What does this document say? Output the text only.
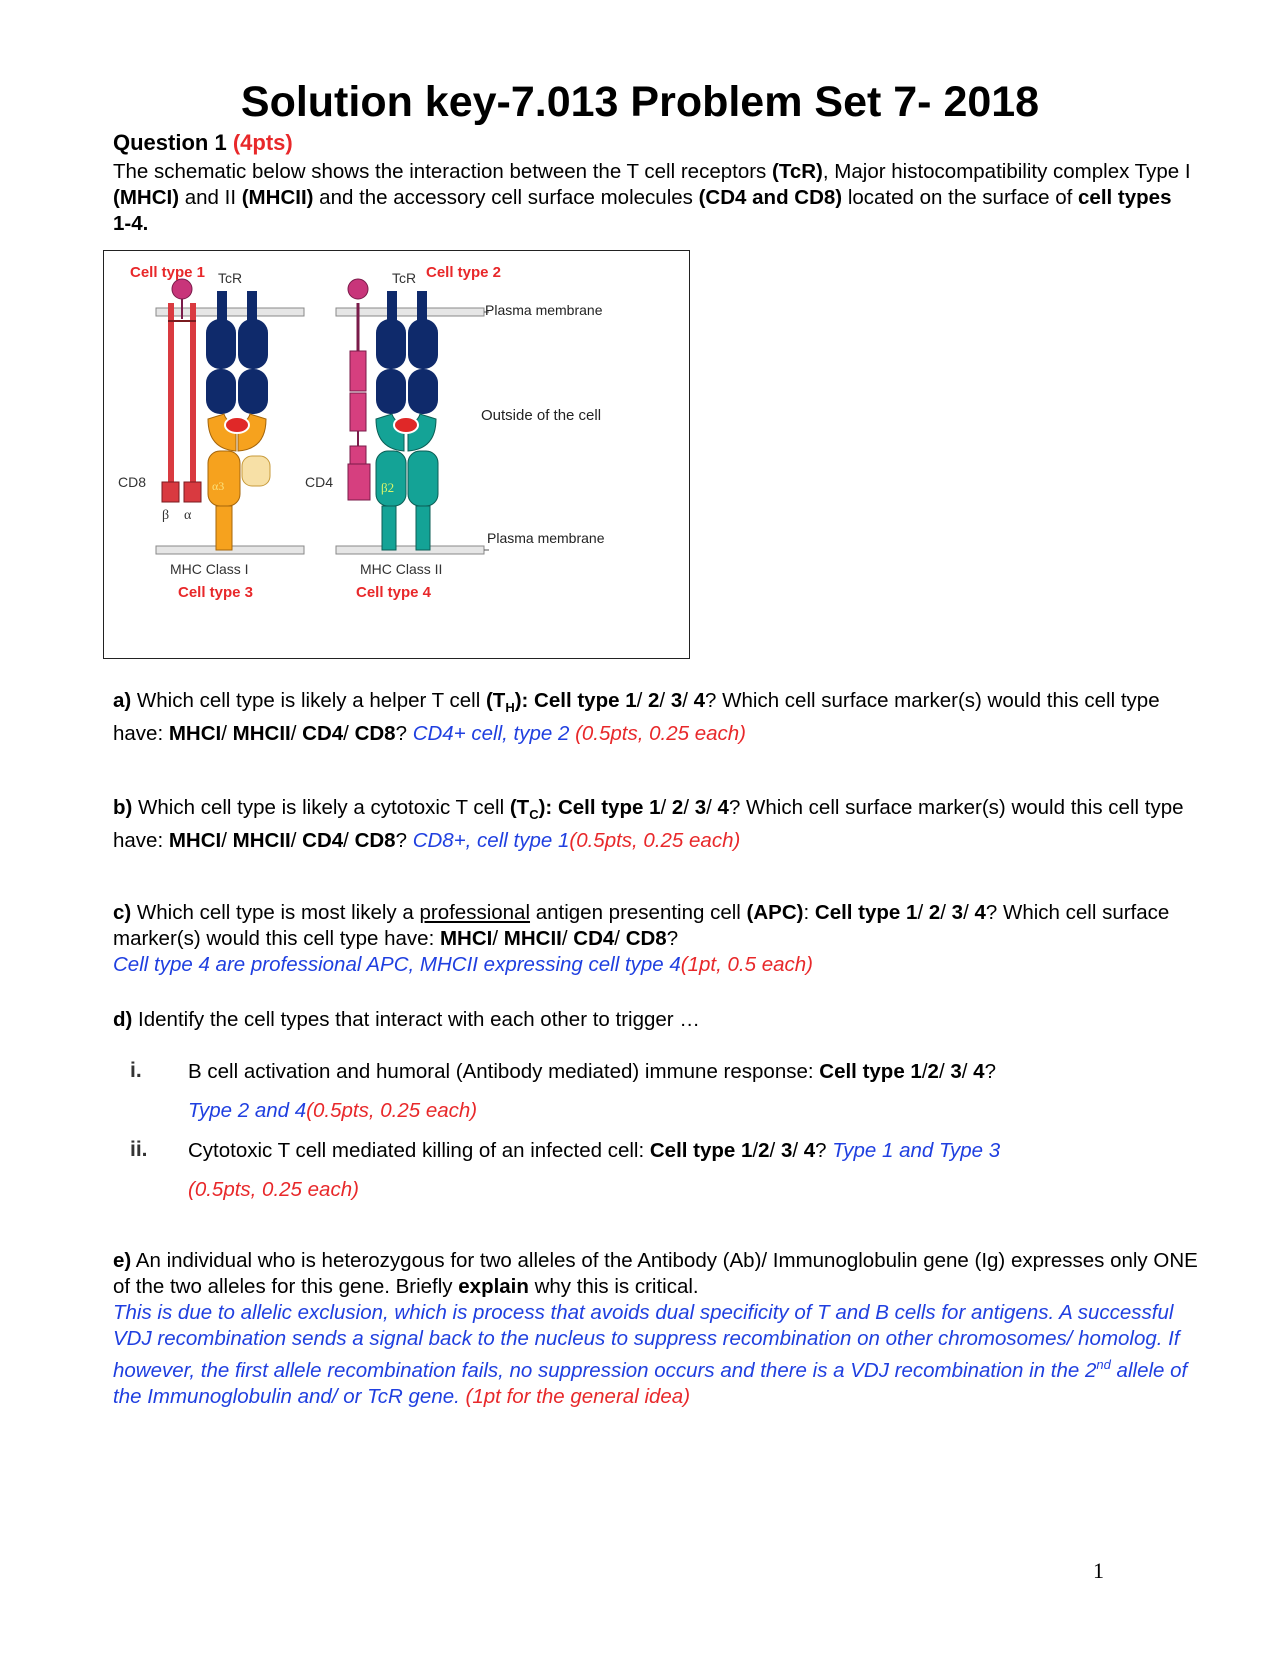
Solution key-7.013 Problem Set 7- 2018
Question 1 (4pts)
The schematic below shows the interaction between the T cell receptors (TcR), Major histocompatibility complex Type I (MHCI) and II (MHCII) and the accessory cell surface molecules (CD4 and CD8) located on the surface of cell types 1-4.
Cell type 1 TcR	TcR Cell type 2
Plasma membrane
Outside of the cell
Plasma membrane
CD8	CD4
β α
α3	β2
MHC Class I	MHC Class II
Cell type 3	Cell type 4
a) Which cell type is likely a helper T cell $(T_H)$: Cell type 1/ 2/ 3/ 4? Which cell surface marker(s) would this cell type have: MHCI/ MHCII/ CD4/ CD8? CD4+ cell, type 2 (0.5pts, 0.25 each)
b) Which cell type is likely a cytotoxic T cell $(T_C)$: Cell type 1/ 2/ 3/ 4? Which cell surface marker(s) would this cell type have: MHCI/ MHCII/ CD4/ CD8? CD8+, cell type 1(0.5pts, 0.25 each)
c) Which cell type is most likely a professional antigen presenting cell (APC): Cell type 1/ 2/ 3/ 4? Which cell surface marker(s) would this cell type have: MHCI/ MHCII/ CD4/ CD8?
Cell type 4 are professional APC, MHCII expressing cell type 4(1pt, 0.5 each)
d) Identify the cell types that interact with each other to trigger …
i. B cell activation and humoral (Antibody mediated) immune response: Cell type 1/2/ 3/ 4?
Type 2 and 4(0.5pts, 0.25 each)
ii. Cytotoxic T cell mediated killing of an infected cell: Cell type 1/2/ 3/ 4? Type 1 and Type 3
(0.5pts, 0.25 each)
e) An individual who is heterozygous for two alleles of the Antibody (Ab)/ Immunoglobulin gene (Ig) expresses only ONE of the two alleles for this gene. Briefly explain why this is critical.
This is due to allelic exclusion, which is process that avoids dual specificity of T and B cells for antigens. A successful VDJ recombination sends a signal back to the nucleus to suppress recombination on other chromosomes/ homolog. If however, the first allele recombination fails, no suppression occurs and there is a VDJ recombination in the 2nd allele of the Immunoglobulin and/ or TcR gene. (1pt for the general idea)
1
